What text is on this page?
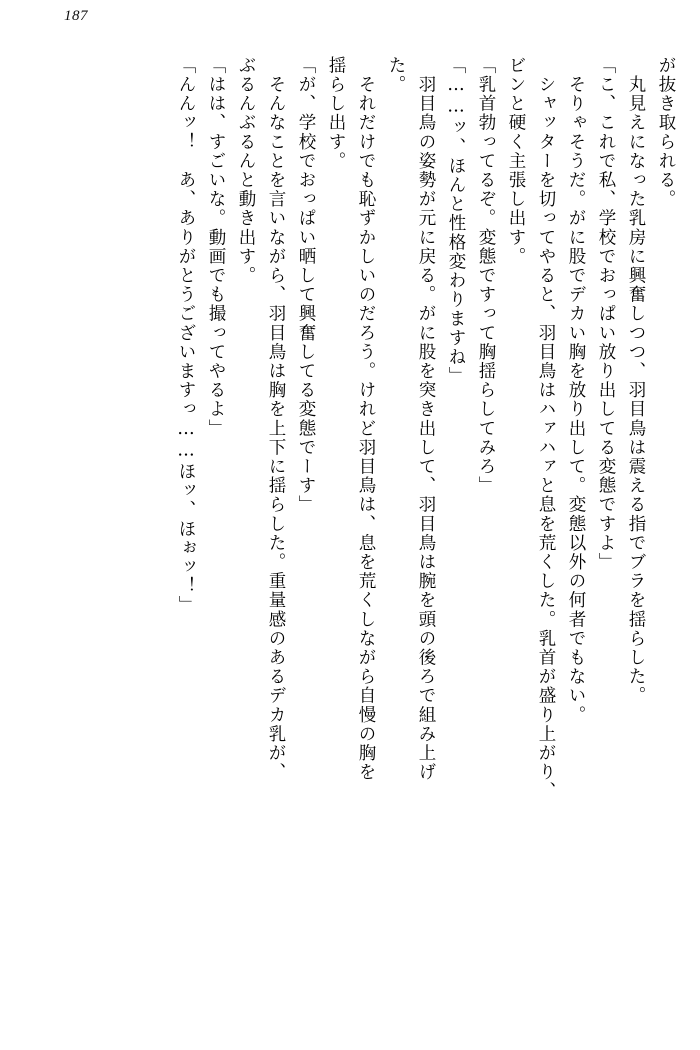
187
が抜き取られる。
　丸見えになった乳房に興奮しつつ、羽目鳥は震える指でブラを揺らした。
「こ、これで私、学校でおっぱい放り出してる変態ですよ」
　そりゃそうだ。がに股でデカい胸を放り出して。変態以外の何者でもない。
　シャッターを切ってやると、羽目鳥はハァハァと息を荒くした。乳首が盛り上がり、
ビンと硬く主張し出す。
「乳首勃ってるぞ。変態ですって胸揺らしてみろ」
「……ッ、ほんと性格変わりますね」
　羽目鳥の姿勢が元に戻る。がに股を突き出して、羽目鳥は腕を頭の後ろで組み上げ
た。
　それだけでも恥ずかしいのだろう。けれど羽目鳥は、息を荒くしながら自慢の胸を
揺らし出す。
「が、学校でおっぱい晒して興奮してる変態でーす」
　そんなことを言いながら、羽目鳥は胸を上下に揺らした。重量感のあるデカ乳が、
ぶるんぶるんと動き出す。
「はは、すごいな。動画でも撮ってやるよ」
「んんッ！　あ、ありがとうございますっ……ほッ、ほぉッ！」
